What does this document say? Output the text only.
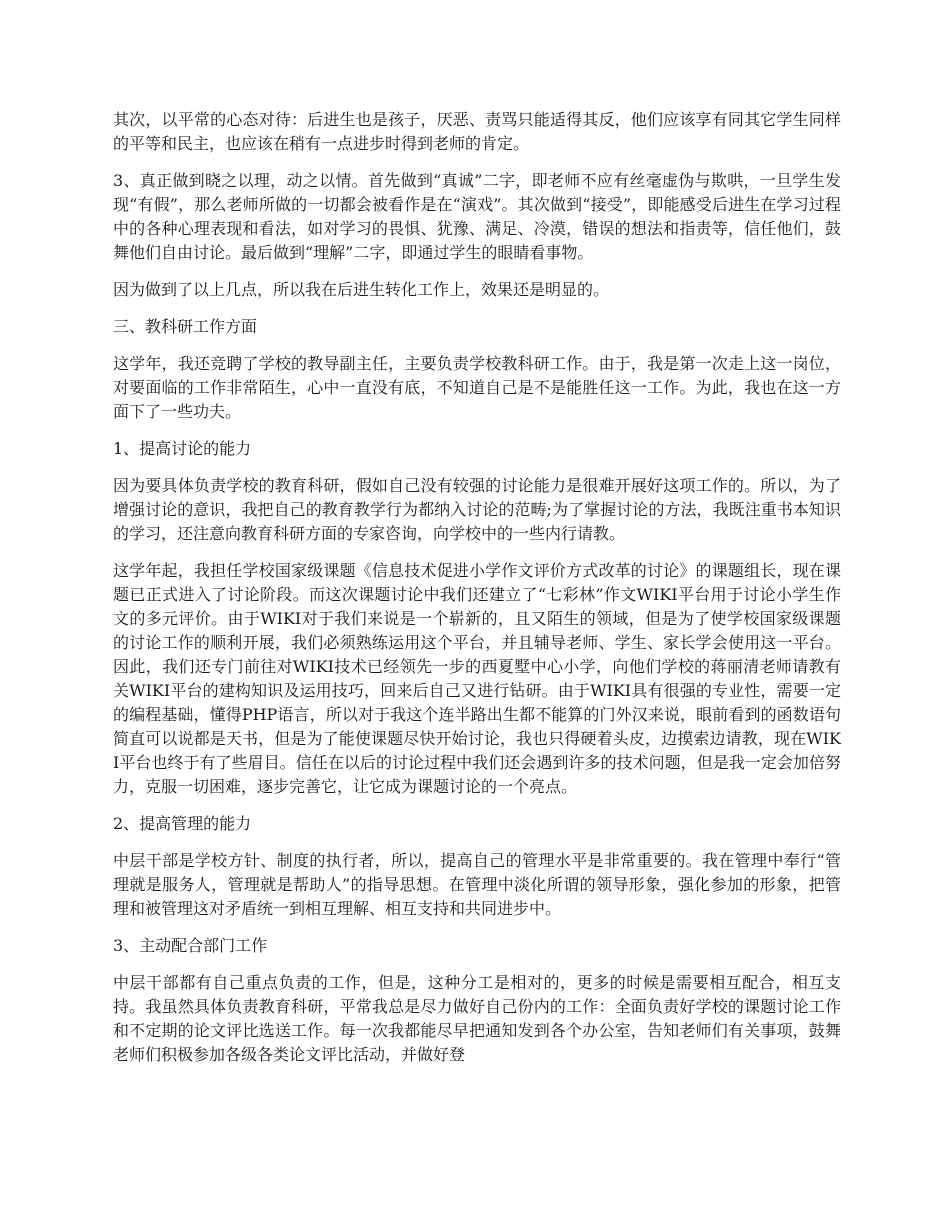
其次，以平常的心态对待：后进生也是孩子，厌恶、责骂只能适得其反，他们应该享有同其它学生同样的平等和民主，也应该在稍有一点进步时得到老师的肯定。

3、真正做到晓之以理，动之以情。首先做到“真诚”二字，即老师不应有丝毫虚伪与欺哄，一旦学生发现“有假”，那么老师所做的一切都会被看作是在“演戏”。其次做到“接受”，即能感受后进生在学习过程中的各种心理表现和看法，如对学习的畏惧、犹豫、满足、冷漠，错误的想法和指责等，信任他们，鼓舞他们自由讨论。最后做到“理解”二字，即通过学生的眼睛看事物。

因为做到了以上几点，所以我在后进生转化工作上，效果还是明显的。

三、教科研工作方面

这学年，我还竞聘了学校的教导副主任，主要负责学校教科研工作。由于，我是第一次走上这一岗位，对要面临的工作非常陌生，心中一直没有底，不知道自己是不是能胜任这一工作。为此，我也在这一方面下了一些功夫。

1、提高讨论的能力

因为要具体负责学校的教育科研，假如自己没有较强的讨论能力是很难开展好这项工作的。所以，为了增强讨论的意识，我把自己的教育教学行为都纳入讨论的范畴;为了掌握讨论的方法，我既注重书本知识的学习，还注意向教育科研方面的专家咨询，向学校中的一些内行请教。

这学年起，我担任学校国家级课题《信息技术促进小学作文评价方式改革的讨论》的课题组长，现在课题已正式进入了讨论阶段。而这次课题讨论中我们还建立了“七彩林”作文WIKI平台用于讨论小学生作文的多元评价。由于WIKI对于我们来说是一个崭新的，且又陌生的领域，但是为了使学校国家级课题的讨论工作的顺利开展，我们必须熟练运用这个平台，并且辅导老师、学生、家长学会使用这一平台。因此，我们还专门前往对WIKI技术已经领先一步的西夏墅中心小学，向他们学校的蒋丽清老师请教有关WIKI平台的建构知识及运用技巧，回来后自己又进行钻研。由于WIKI具有很强的专业性，需要一定的编程基础，懂得PHP语言，所以对于我这个连半路出生都不能算的门外汉来说，眼前看到的函数语句简直可以说都是天书，但是为了能使课题尽快开始讨论，我也只得硬着头皮，边摸索边请教，现在WIKI平台也终于有了些眉目。信任在以后的讨论过程中我们还会遇到许多的技术问题，但是我一定会加倍努力，克服一切困难，逐步完善它，让它成为课题讨论的一个亮点。

2、提高管理的能力

中层干部是学校方针、制度的执行者，所以，提高自己的管理水平是非常重要的。我在管理中奉行“管理就是服务人，管理就是帮助人”的指导思想。在管理中淡化所谓的领导形象，强化参加的形象，把管理和被管理这对矛盾统一到相互理解、相互支持和共同进步中。

3、主动配合部门工作

中层干部都有自己重点负责的工作，但是，这种分工是相对的，更多的时候是需要相互配合，相互支持。我虽然具体负责教育科研，平常我总是尽力做好自己份内的工作：全面负责好学校的课题讨论工作和不定期的论文评比选送工作。每一次我都能尽早把通知发到各个办公室，告知老师们有关事项，鼓舞老师们积极参加各级各类论文评比活动，并做好登
